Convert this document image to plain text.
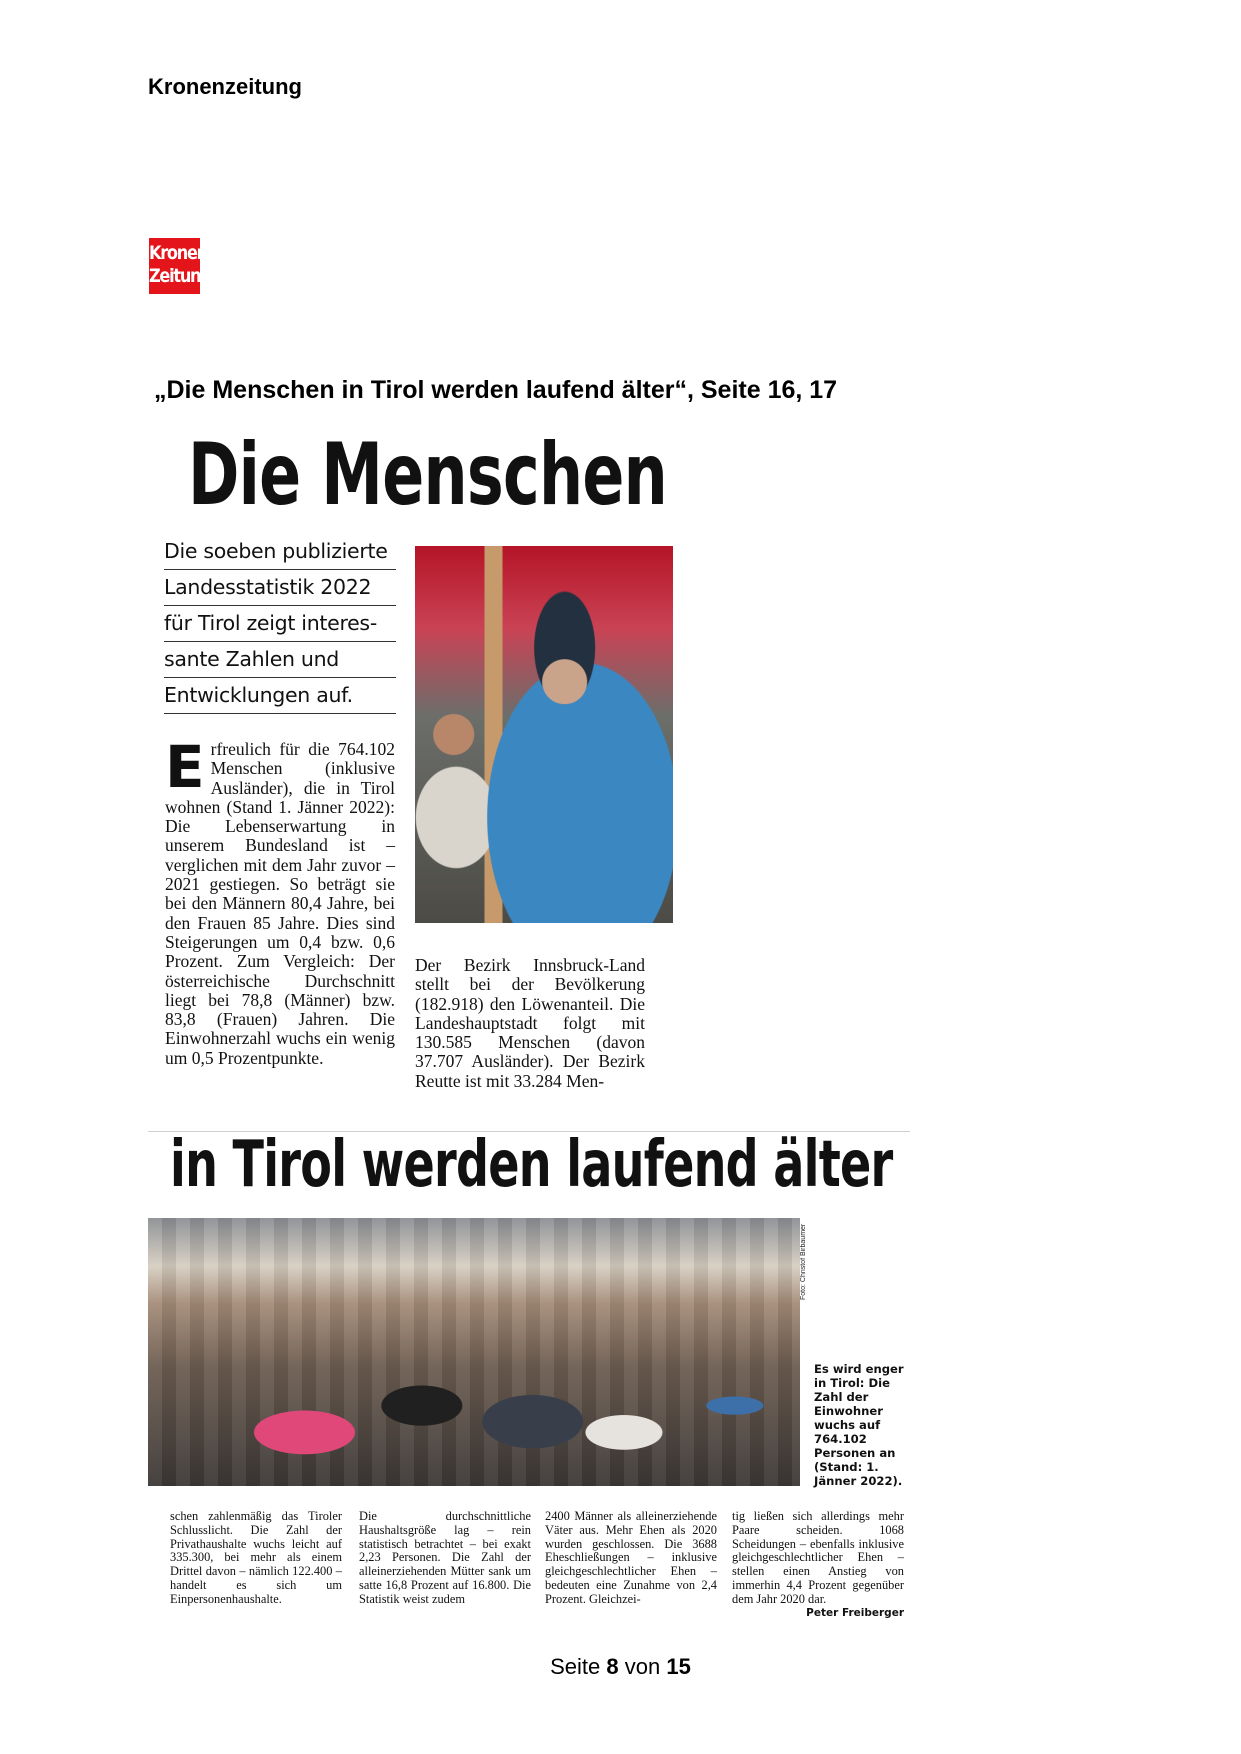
Kronenzeitung
Kronen
Zeitung
„Die Menschen in Tirol werden laufend älter“, Seite 16, 17
Die Menschen
Die soeben publizierte
Landesstatistik 2022
für Tirol zeigt interes-
sante Zahlen und
Entwicklungen auf.
Erfreulich für die 764.102 Menschen (inklusive Ausländer), die in Tirol wohnen (Stand 1. Jänner 2022): Die Lebenserwartung in unserem Bundesland ist – verglichen mit dem Jahr zuvor – 2021 gestiegen. So beträgt sie bei den Männern 80,4 Jahre, bei den Frauen 85 Jahre. Dies sind Steigerungen um 0,4 bzw. 0,6 Prozent. Zum Vergleich: Der österreichische Durchschnitt liegt bei 78,8 (Männer) bzw. 83,8 (Frauen) Jahren. Die Einwohnerzahl wuchs ein wenig um 0,5 Prozentpunkte.
Der Bezirk Innsbruck-Land stellt bei der Bevölkerung (182.918) den Löwenanteil. Die Landeshauptstadt folgt mit 130.585 Menschen (davon 37.707 Ausländer). Der Bezirk Reutte ist mit 33.284 Men-
in Tirol werden laufend älter
Foto: Christof Birbaumer
Es wird enger in Tirol: Die Zahl der Einwohner wuchs auf 764.102 Personen an (Stand: 1. Jänner 2022).
schen zahlenmäßig das Tiroler Schlusslicht. Die Zahl der Privathaushalte wuchs leicht auf 335.300, bei mehr als einem Drittel davon – nämlich 122.400 – handelt es sich um Einpersonenhaushalte.
Die durchschnittliche Haushaltsgröße lag – rein statistisch betrachtet – bei exakt 2,23 Personen. Die Zahl der alleinerziehenden Mütter sank um satte 16,8 Prozent auf 16.800. Die Statistik weist zudem
2400 Männer als alleinerziehende Väter aus. Mehr Ehen als 2020 wurden geschlossen. Die 3688 Eheschließungen – inklusive gleichgeschlechtlicher Ehen – bedeuten eine Zunahme von 2,4 Prozent. Gleichzei-
tig ließen sich allerdings mehr Paare scheiden. 1068 Scheidungen – ebenfalls inklusive gleichgeschlechtlicher Ehen – stellen einen Anstieg von immerhin 4,4 Prozent gegenüber dem Jahr 2020 dar.
Peter Freiberger
Seite 8 von 15
